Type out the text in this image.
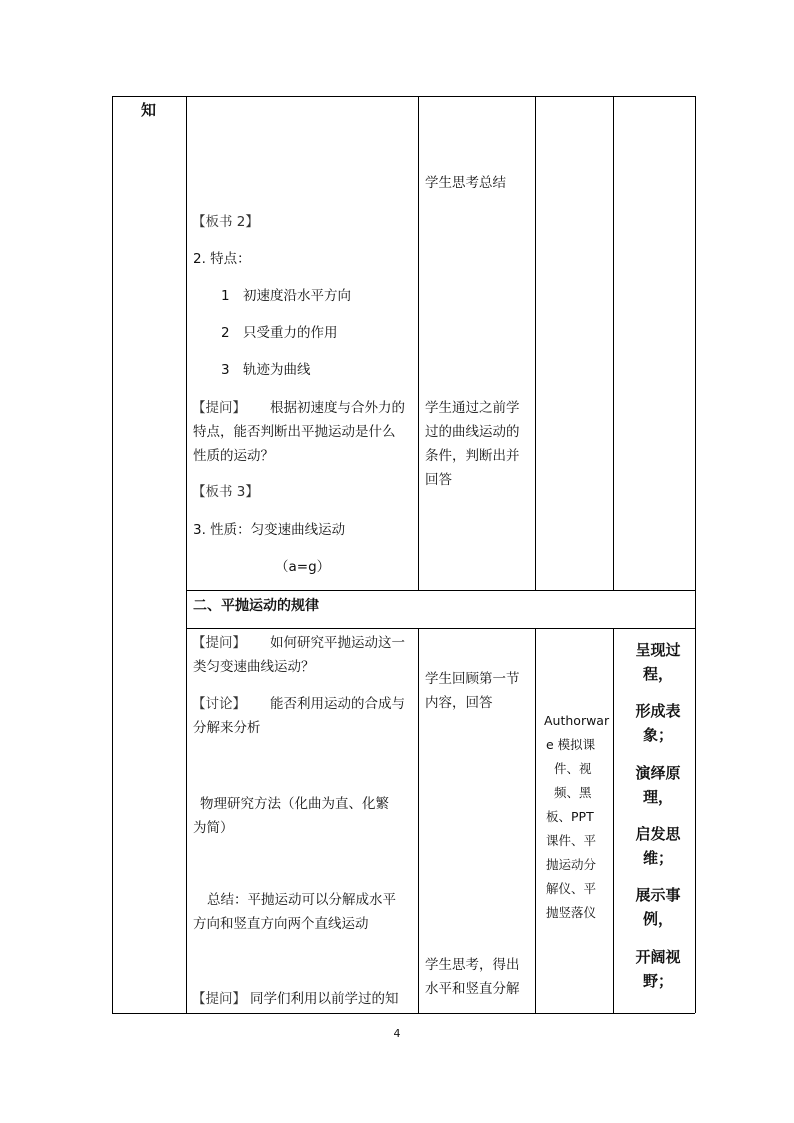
知
学生思考总结
【板书 2】
2. 特点：
1 初速度沿水平方向
2 只受重力的作用
3 轨迹为曲线
【提问】 根据初速度与合外力的
特点，能否判断出平抛运动是什么
性质的运动？
学生通过之前学
过的曲线运动的
条件，判断出并
回答
【板书 3】
3. 性质：匀变速曲线运动
（a=g）
二、平抛运动的规律
【提问】 如何研究平抛运动这一
类匀变速曲线运动？
【讨论】 能否利用运动的合成与
分解来分析
物理研究方法（化曲为直、化繁
为简）
总结：平抛运动可以分解成水平
方向和竖直方向两个直线运动
【提问】 同学们利用以前学过的知
学生回顾第一节
内容，回答
学生思考，得出
水平和竖直分解
Authorwar
e 模拟课
件、视
频、黑
板、PPT
课件、平
抛运动分
解仪、平
抛竖落仪
呈现过
程，
形成表
象；
演绎原
理，
启发思
维；
展示事
例，
开阔视
野；
4
